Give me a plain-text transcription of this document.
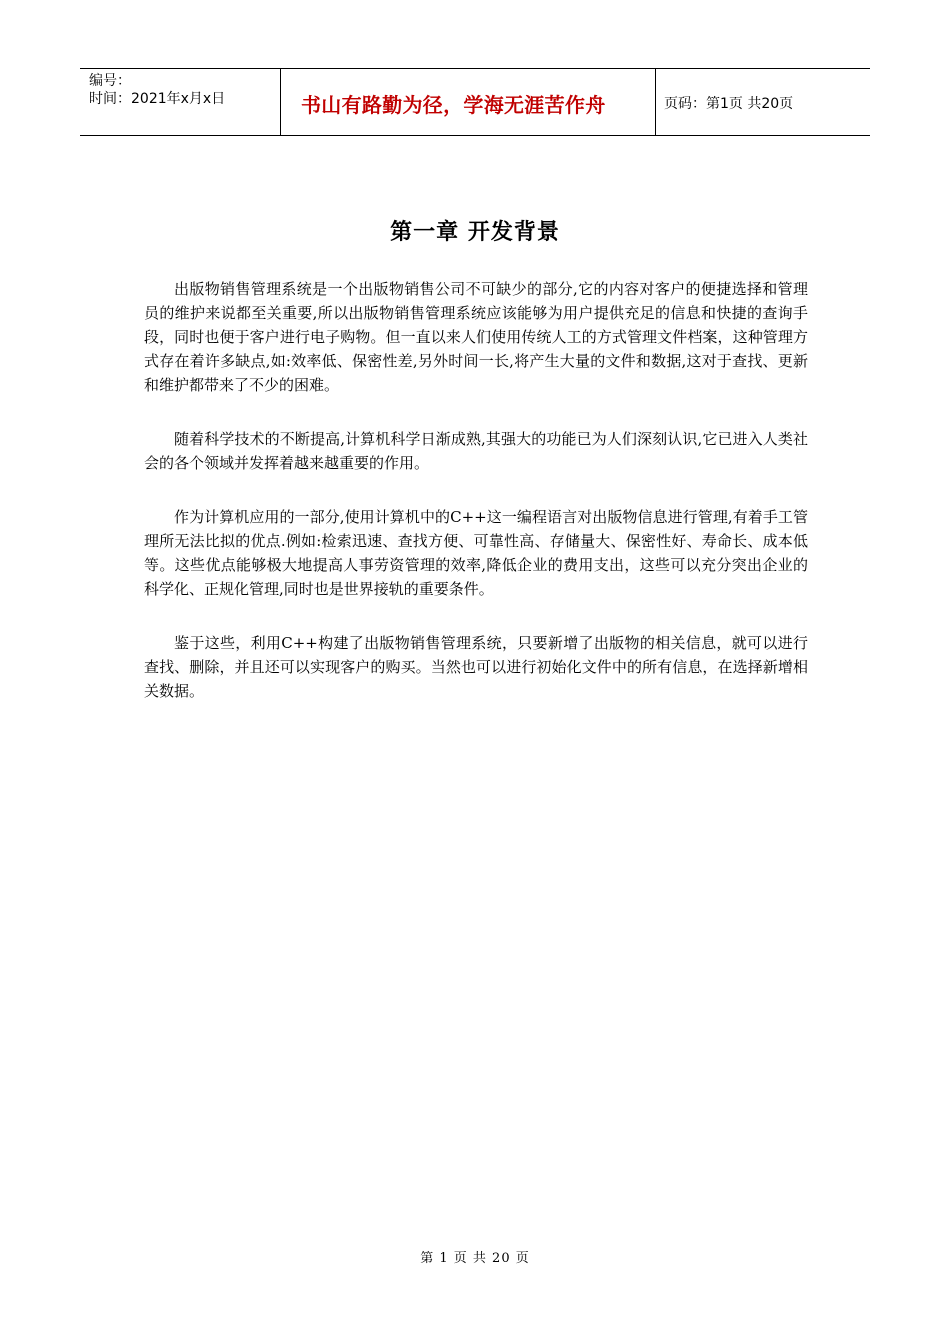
编号：
时间：2021年x月x日	书山有路勤为径，学海无涯苦作舟	页码：第1页 共20页
第一章 开发背景

出版物销售管理系统是一个出版物销售公司不可缺少的部分,它的内容对客户的便捷选择和管理员的维护来说都至关重要,所以出版物销售管理系统应该能够为用户提供充足的信息和快捷的查询手段，同时也便于客户进行电子购物。但一直以来人们使用传统人工的方式管理文件档案，这种管理方式存在着许多缺点,如:效率低、保密性差,另外时间一长,将产生大量的文件和数据,这对于查找、更新和维护都带来了不少的困难。

随着科学技术的不断提高,计算机科学日渐成熟,其强大的功能已为人们深刻认识,它已进入人类社会的各个领域并发挥着越来越重要的作用。

作为计算机应用的一部分,使用计算机中的C++这一编程语言对出版物信息进行管理,有着手工管理所无法比拟的优点.例如:检索迅速、查找方便、可靠性高、存储量大、保密性好、寿命长、成本低等。这些优点能够极大地提高人事劳资管理的效率,降低企业的费用支出，这些可以充分突出企业的科学化、正规化管理,同时也是世界接轨的重要条件。

鉴于这些，利用C++构建了出版物销售管理系统，只要新增了出版物的相关信息，就可以进行查找、删除，并且还可以实现客户的购买。当然也可以进行初始化文件中的所有信息，在选择新增相关数据。

第 1 页 共 20 页
